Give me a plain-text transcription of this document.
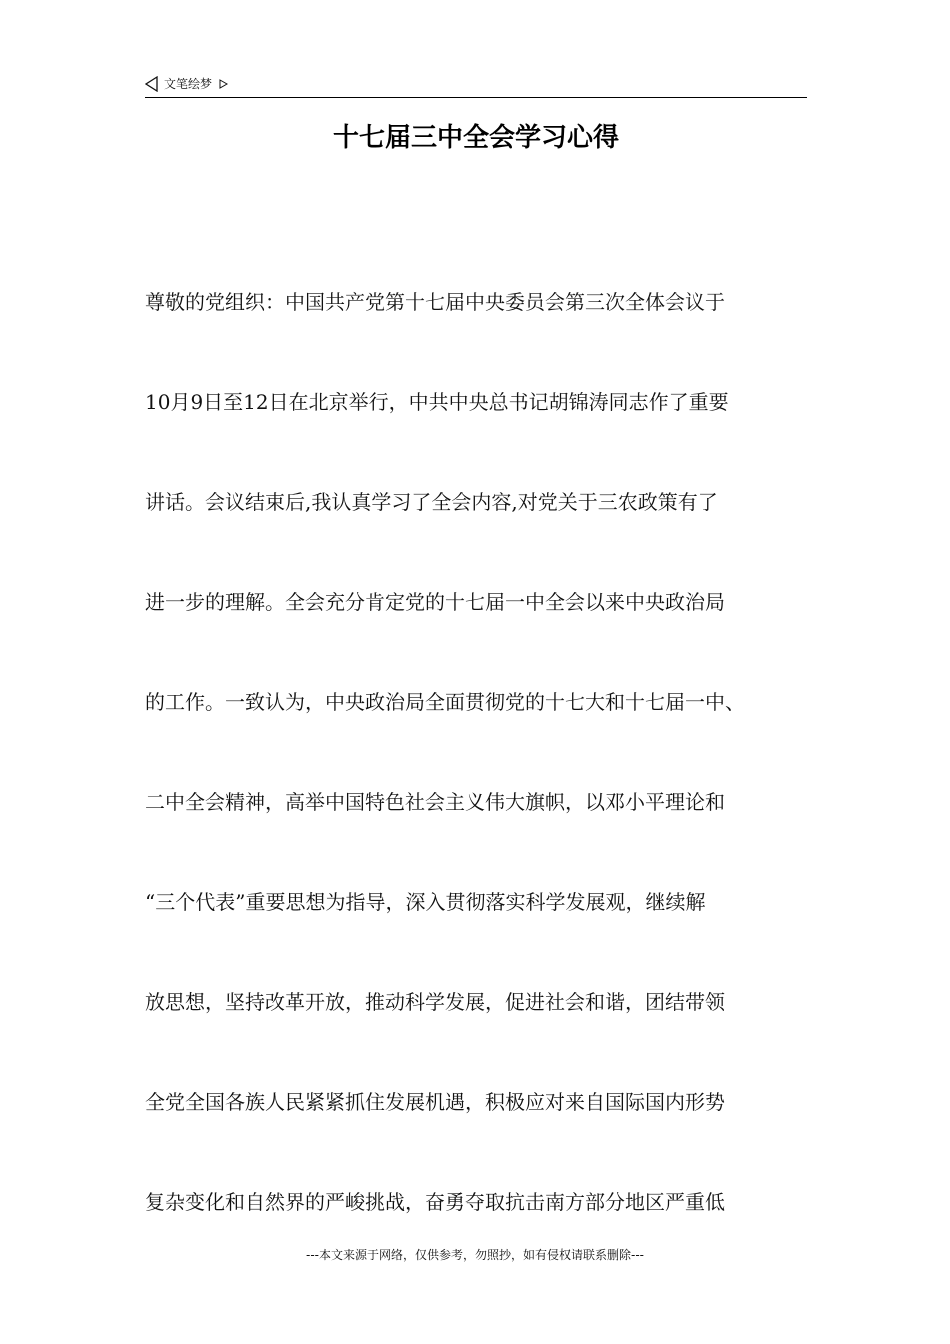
文笔绘梦
十七届三中全会学习心得
尊敬的党组织：中国共产党第十七届中央委员会第三次全体会议于
10月9日至12日在北京举行，中共中央总书记胡锦涛同志作了重要
讲话。会议结束后,我认真学习了全会内容,对党关于三农政策有了
进一步的理解。全会充分肯定党的十七届一中全会以来中央政治局
的工作。一致认为，中央政治局全面贯彻党的十七大和十七届一中、
二中全会精神，高举中国特色社会主义伟大旗帜，以邓小平理论和
“三个代表”重要思想为指导，深入贯彻落实科学发展观，继续解
放思想，坚持改革开放，推动科学发展，促进社会和谐，团结带领
全党全国各族人民紧紧抓住发展机遇，积极应对来自国际国内形势
复杂变化和自然界的严峻挑战，奋勇夺取抗击南方部分地区严重低
---本文来源于网络，仅供参考，勿照抄，如有侵权请联系删除---
